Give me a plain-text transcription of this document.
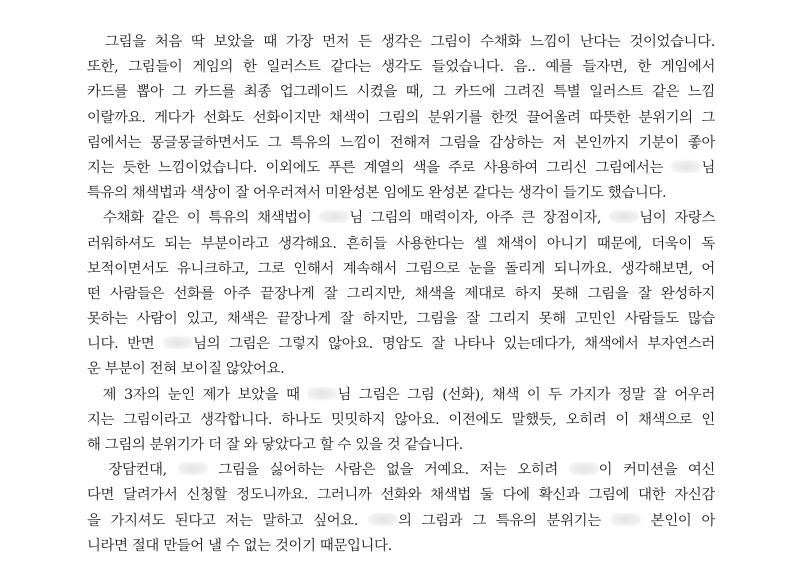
그림을 처음 딱 보았을 때 가장 먼저 든 생각은 그림이 수채화 느낌이 난다는 것이었습니다.
또한, 그림들이 게임의 한 일러스트 같다는 생각도 들었습니다. 음.. 예를 들자면, 한 게임에서
카드를 뽑아 그 카드를 최종 업그레이드 시켰을 때, 그 카드에 그려진 특별 일러스트 같은 느낌
이랄까요. 게다가 선화도 선화이지만 채색이 그림의 분위기를 한껏 끌어올려 따뜻한 분위기의 그
림에서는 몽글몽글하면서도 그 특유의 느낌이 전해져 그림을 감상하는 저 본인까지 기분이 좋아
지는 듯한 느낌이었습니다. 이외에도 푸른 계열의 색을 주로 사용하여 그리신 그림에서는 님
특유의 채색법과 색상이 잘 어우러져서 미완성본 임에도 완성본 같다는 생각이 들기도 했습니다.
수채화 같은 이 특유의 채색법이 님 그림의 매력이자, 아주 큰 장점이자, 님이 자랑스
러워하셔도 되는 부분이라고 생각해요. 흔히들 사용한다는 셀 채색이 아니기 때문에, 더욱이 독
보적이면서도 유니크하고, 그로 인해서 계속해서 그림으로 눈을 돌리게 되니까요. 생각해보면, 어
떤 사람들은 선화를 아주 끝장나게 잘 그리지만, 채색을 제대로 하지 못해 그림을 잘 완성하지
못하는 사람이 있고, 채색은 끝장나게 잘 하지만, 그림을 잘 그리지 못해 고민인 사람들도 많습
니다. 반면 님의 그림은 그렇지 않아요. 명암도 잘 나타나 있는데다가, 채색에서 부자연스러
운 부분이 전혀 보이질 않았어요.
제 3자의 눈인 제가 보았을 때 님 그림은 그림 (선화), 채색 이 두 가지가 정말 잘 어우러
지는 그림이라고 생각합니다. 하나도 밋밋하지 않아요. 이전에도 말했듯, 오히려 이 채색으로 인
해 그림의 분위기가 더 잘 와 닿았다고 할 수 있을 것 같습니다.
장담컨대,  그림을 싫어하는 사람은 없을 거예요. 저는 오히려 이 커미션을 여신
다면 달려가서 신청할 정도니까요. 그러니까 선화와 채색법 둘 다에 확신과 그림에 대한 자신감
을 가지셔도 된다고 저는 말하고 싶어요. 의 그림과 그 특유의 분위기는  본인이 아
니라면 절대 만들어 낼 수 없는 것이기 때문입니다.
